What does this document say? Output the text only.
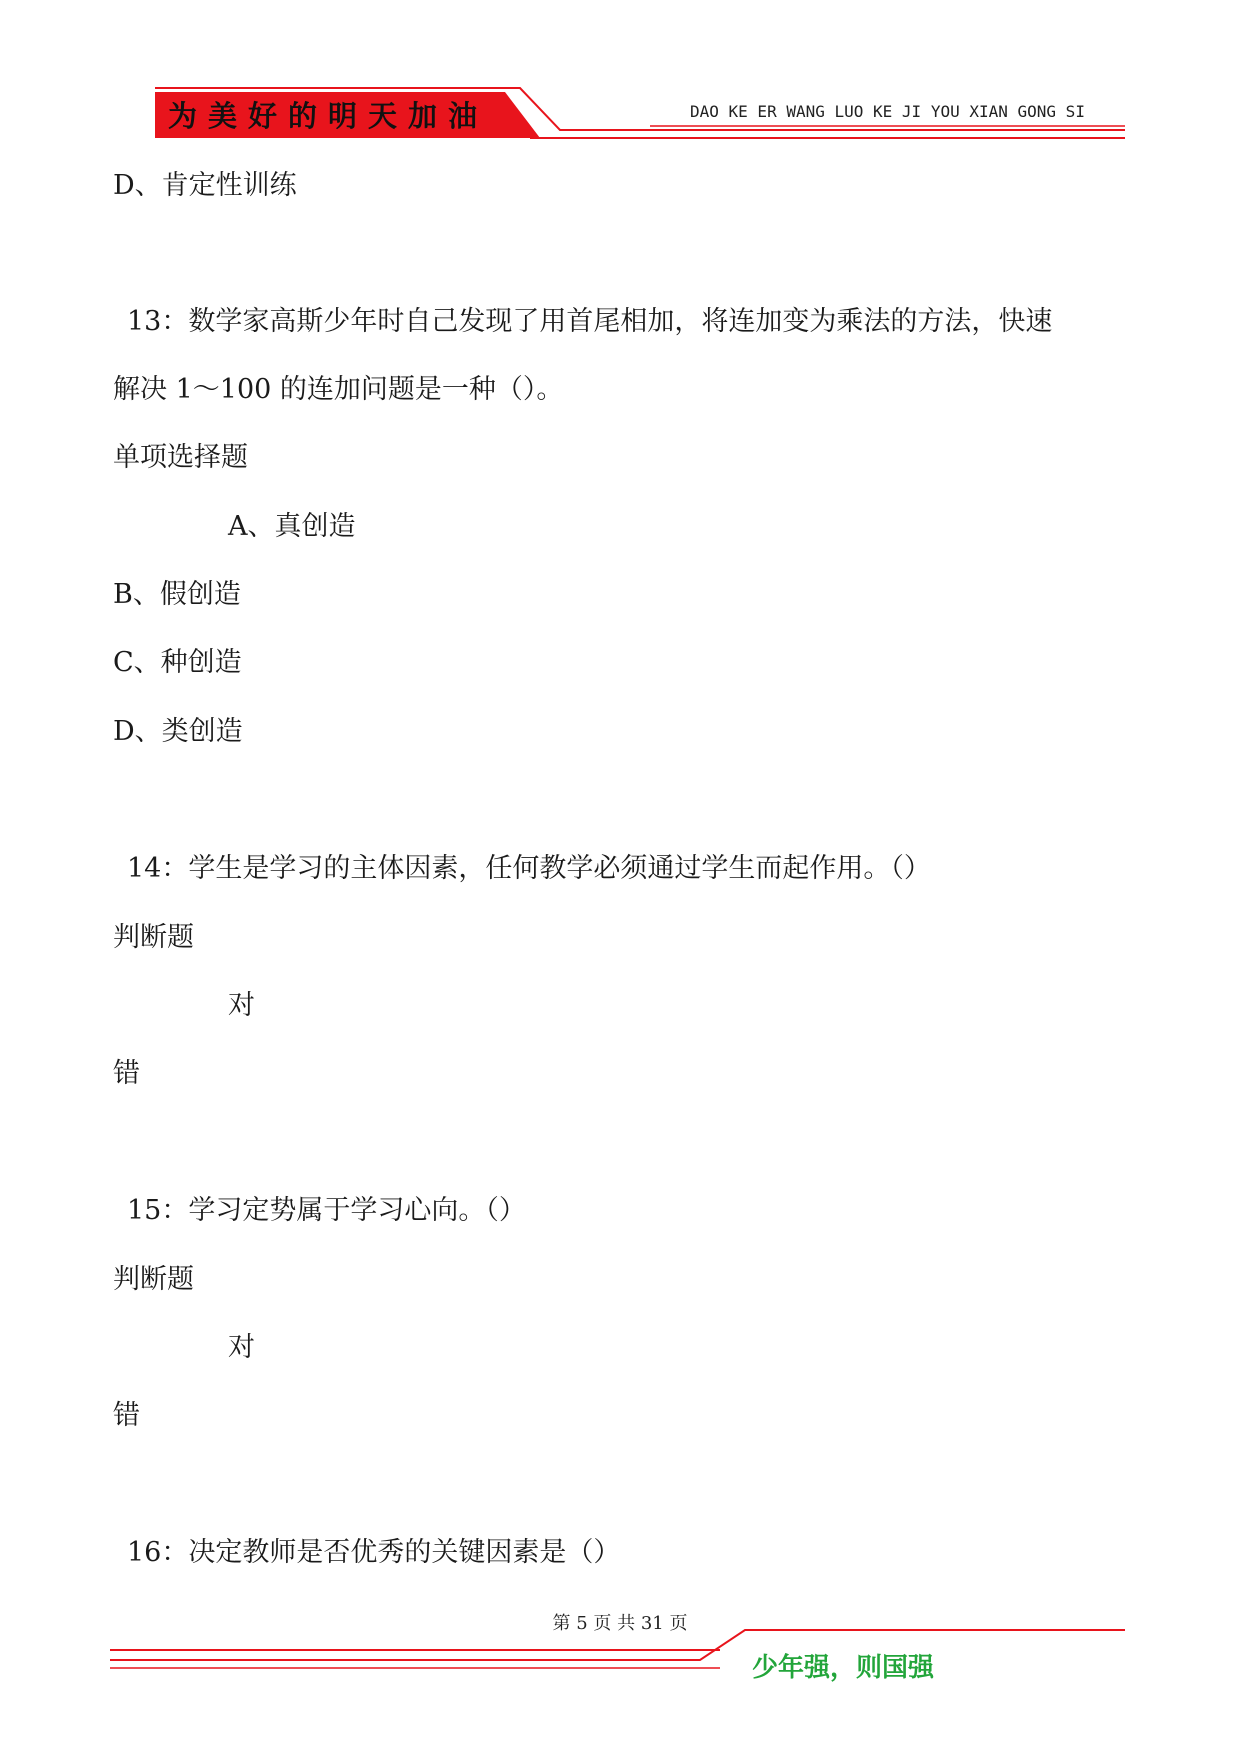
为美好的明天加油	DAO KE ER WANG LUO KE JI YOU XIAN GONG SI
D、肯定性训练
13：数学家高斯少年时自己发现了用首尾相加，将连加变为乘法的方法，快速
解决 1～100 的连加问题是一种（）。
单项选择题
A、真创造
B、假创造
C、种创造
D、类创造
14：学生是学习的主体因素，任何教学必须通过学生而起作用。（）
判断题
对
错
15：学习定势属于学习心向。（）
判断题
对
错
16：决定教师是否优秀的关键因素是（）
第 5 页 共 31 页
少年强，则国强
